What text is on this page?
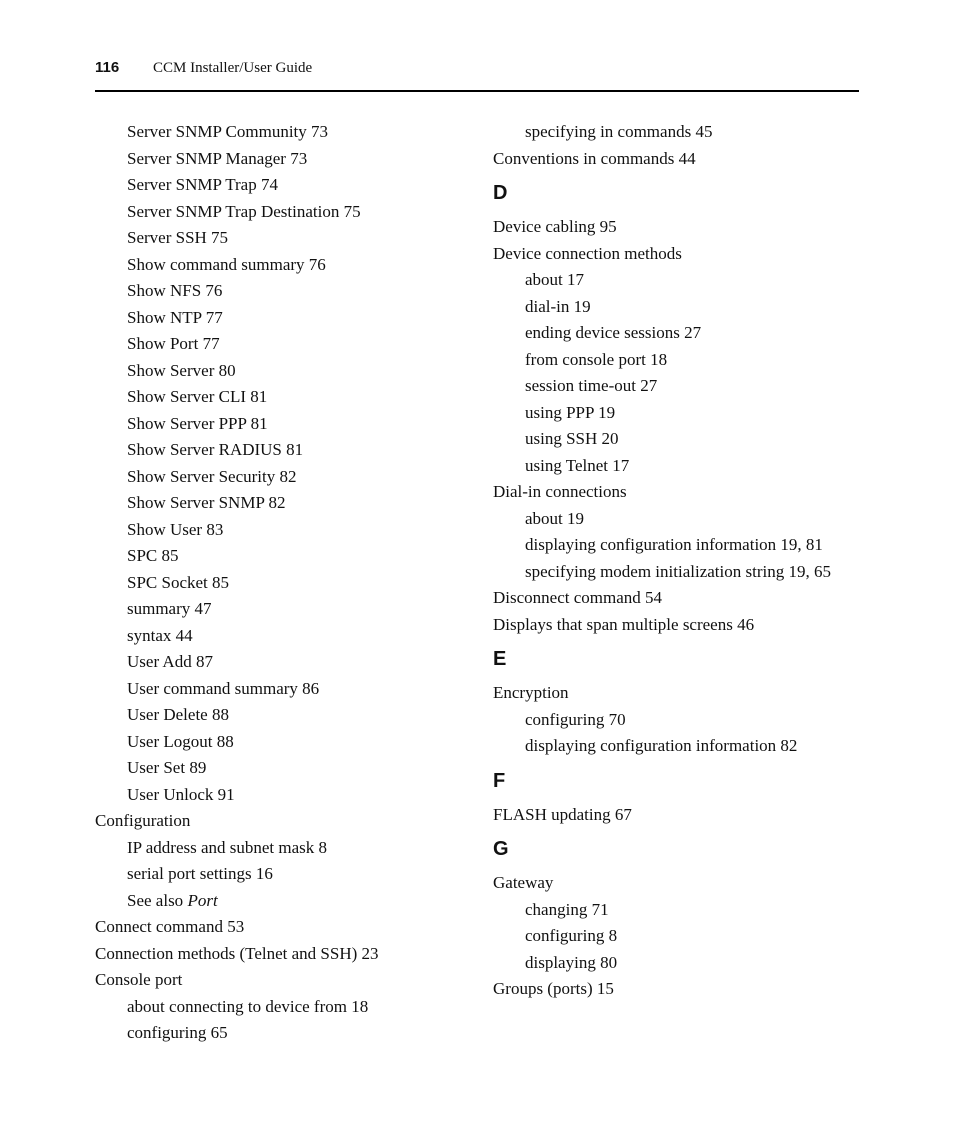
116 CCM Installer/User Guide
Server SNMP Community 73
Server SNMP Manager 73
Server SNMP Trap 74
Server SNMP Trap Destination 75
Server SSH 75
Show command summary 76
Show NFS 76
Show NTP 77
Show Port 77
Show Server 80
Show Server CLI 81
Show Server PPP 81
Show Server RADIUS 81
Show Server Security 82
Show Server SNMP 82
Show User 83
SPC 85
SPC Socket 85
summary 47
syntax 44
User Add 87
User command summary 86
User Delete 88
User Logout 88
User Set 89
User Unlock 91
Configuration
IP address and subnet mask 8
serial port settings 16
See also Port
Connect command 53
Connection methods (Telnet and SSH) 23
Console port
about connecting to device from 18
configuring 65
specifying in commands 45
Conventions in commands 44
D
Device cabling 95
Device connection methods
about 17
dial-in 19
ending device sessions 27
from console port 18
session time-out 27
using PPP 19
using SSH 20
using Telnet 17
Dial-in connections
about 19
displaying configuration information 19, 81
specifying modem initialization string 19, 65
Disconnect command 54
Displays that span multiple screens 46
E
Encryption
configuring 70
displaying configuration information 82
F
FLASH updating 67
G
Gateway
changing 71
configuring 8
displaying 80
Groups (ports) 15
